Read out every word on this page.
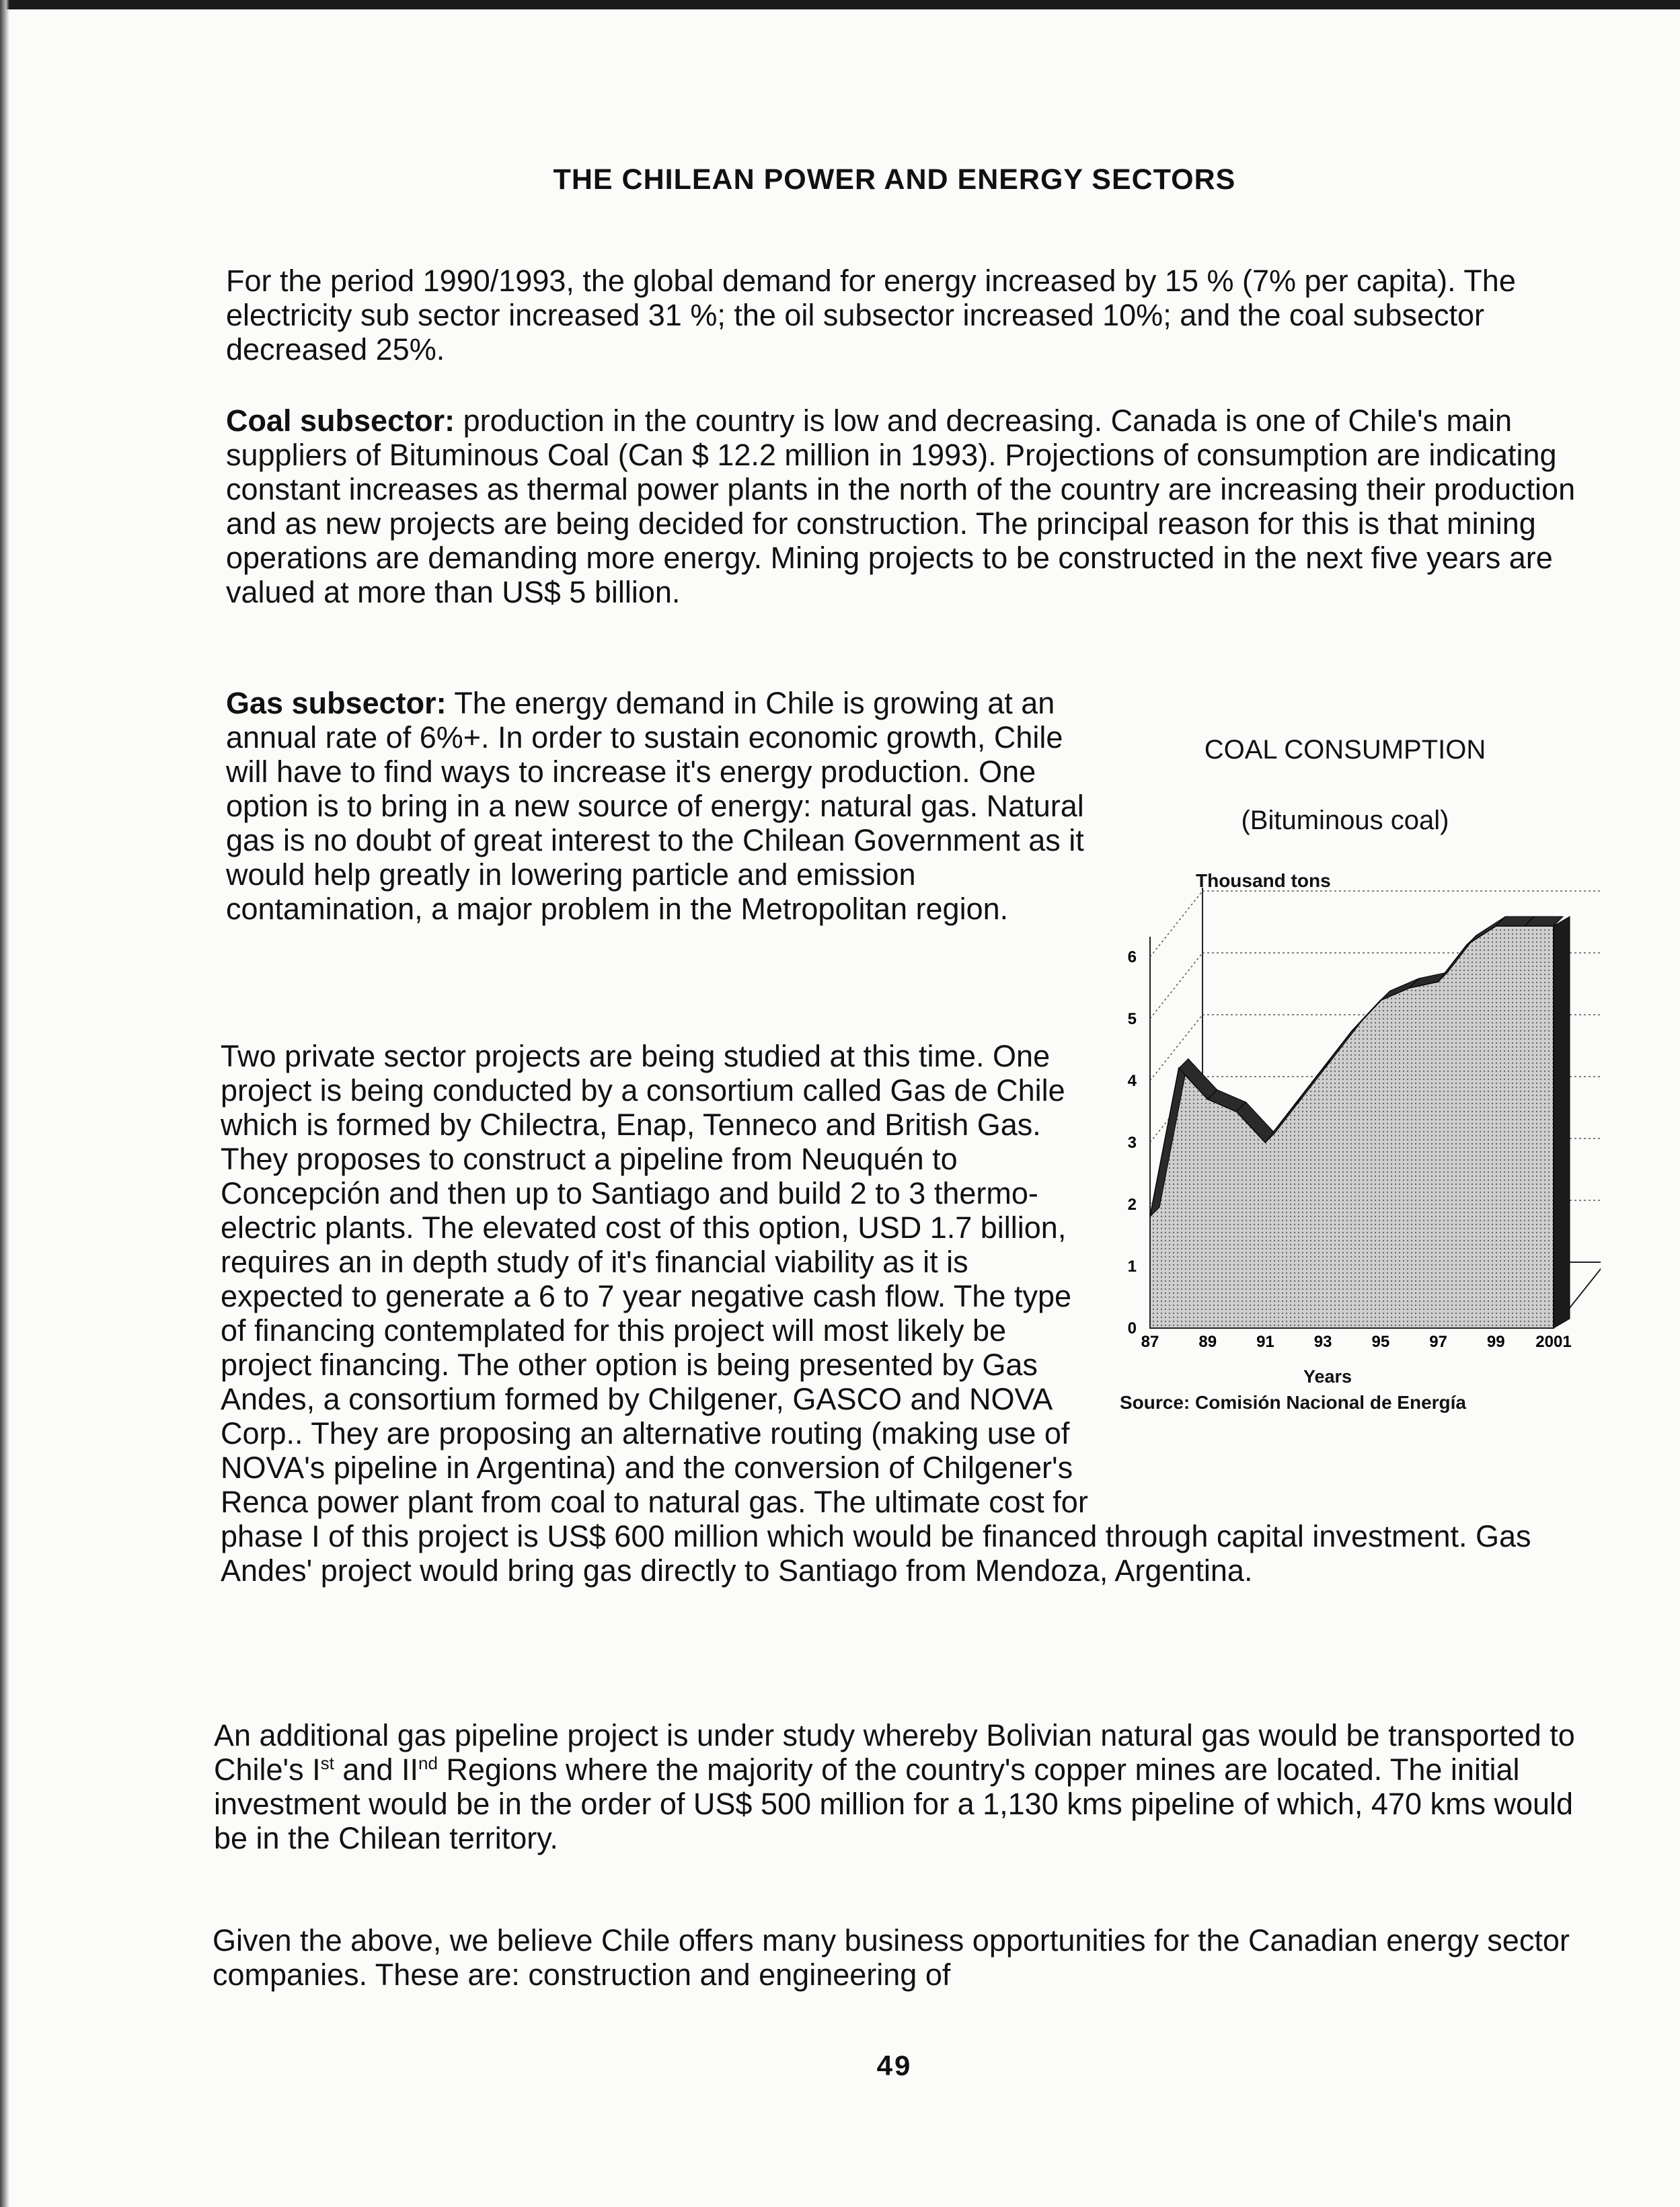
THE CHILEAN POWER AND ENERGY SECTORS

For the period 1990/1993, the global demand for energy increased by 15 % (7% per capita). The electricity sub sector increased 31 %; the oil subsector increased 10%; and the coal subsector decreased 25%.

Coal subsector: production in the country is low and decreasing. Canada is one of Chile's main suppliers of Bituminous Coal (Can $ 12.2 million in 1993). Projections of consumption are indicating constant increases as thermal power plants in the north of the country are increasing their production and as new projects are being decided for construction. The principal reason for this is that mining operations are demanding more energy. Mining projects to be constructed in the next five years are valued at more than US$ 5 billion.

Gas subsector: The energy demand in Chile is growing at an annual rate of 6%+. In order to sustain economic growth, Chile will have to find ways to increase it's energy production. One option is to bring in a new source of energy: natural gas. Natural gas is no doubt of great interest to the Chilean Government as it would help greatly in lowering particle and emission contamination, a major problem in the Metropolitan region.

Two private sector projects are being studied at this time. One project is being conducted by a consortium called Gas de Chile which is formed by Chilectra, Enap, Tenneco and British Gas. They proposes to construct a pipeline from Neuquén to Concepción and then up to Santiago and build 2 to 3 thermo-electric plants. The elevated cost of this option, USD 1.7 billion, requires an in depth study of it's financial viability as it is expected to generate a 6 to 7 year negative cash flow. The type of financing contemplated for this project will most likely be project financing. The other option is being presented by Gas Andes, a consortium formed by Chilgener, GASCO and NOVA Corp.. They are proposing an alternative routing (making use of NOVA's pipeline in Argentina) and the conversion of Chilgener's Renca power plant from coal to natural gas. The ultimate cost for phase I of this project is US$ 600 million which would be financed through capital investment. Gas Andes' project would bring gas directly to Santiago from Mendoza, Argentina.

An additional gas pipeline project is under study whereby Bolivian natural gas would be transported to Chile's Ist and IInd Regions where the majority of the country's copper mines are located. The initial investment would be in the order of US$ 500 million for a 1,130 kms pipeline of which, 470 kms would be in the Chilean territory.

Given the above, we believe Chile offers many business opportunities for the Canadian energy sector companies. These are: construction and engineering of

49
COAL CONSUMPTION
(Bituminous coal)
Thousand tons
6
5
4
3
2
1
0
87 89 91 93 95 97 99 2001
Years
Source: Comisión Nacional de Energía
